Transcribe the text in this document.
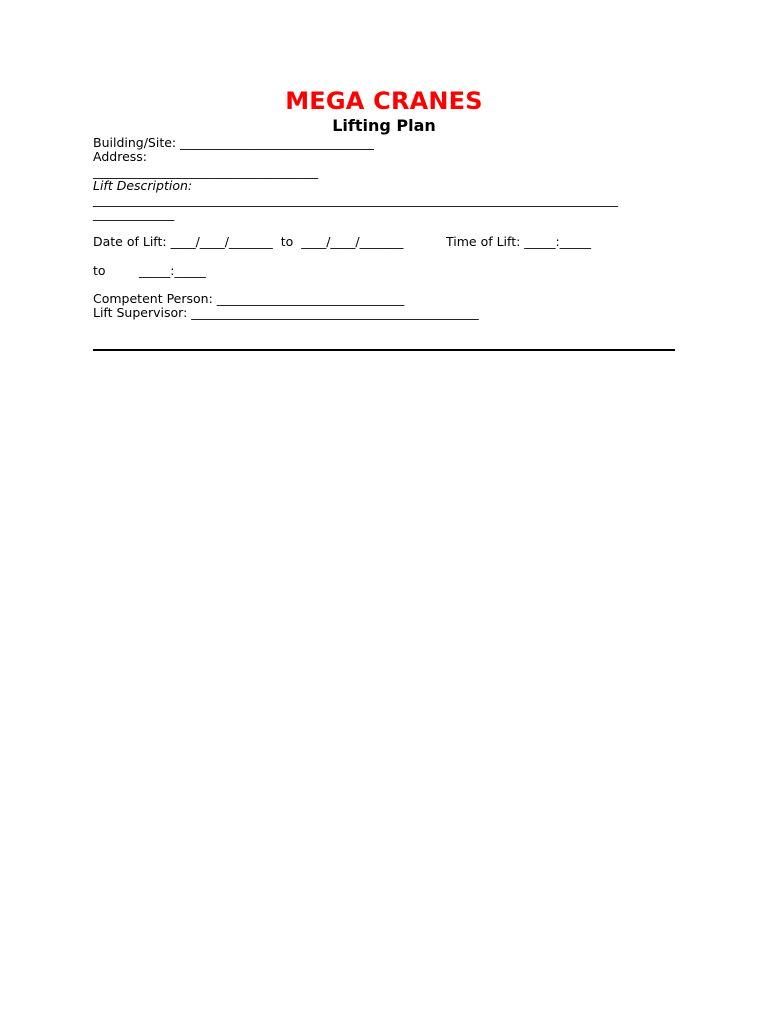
MEGA CRANES
Lifting Plan
Building/Site: _______________________________
Address:
____________________________________
Lift Description:
____________________________________________________________________________________
_____________
Date of Lift: ____/____/_______  to  ____/____/_______	Time of Lift: _____:_____
to	_____:_____
Competent Person: ______________________________
Lift Supervisor: ______________________________________________
